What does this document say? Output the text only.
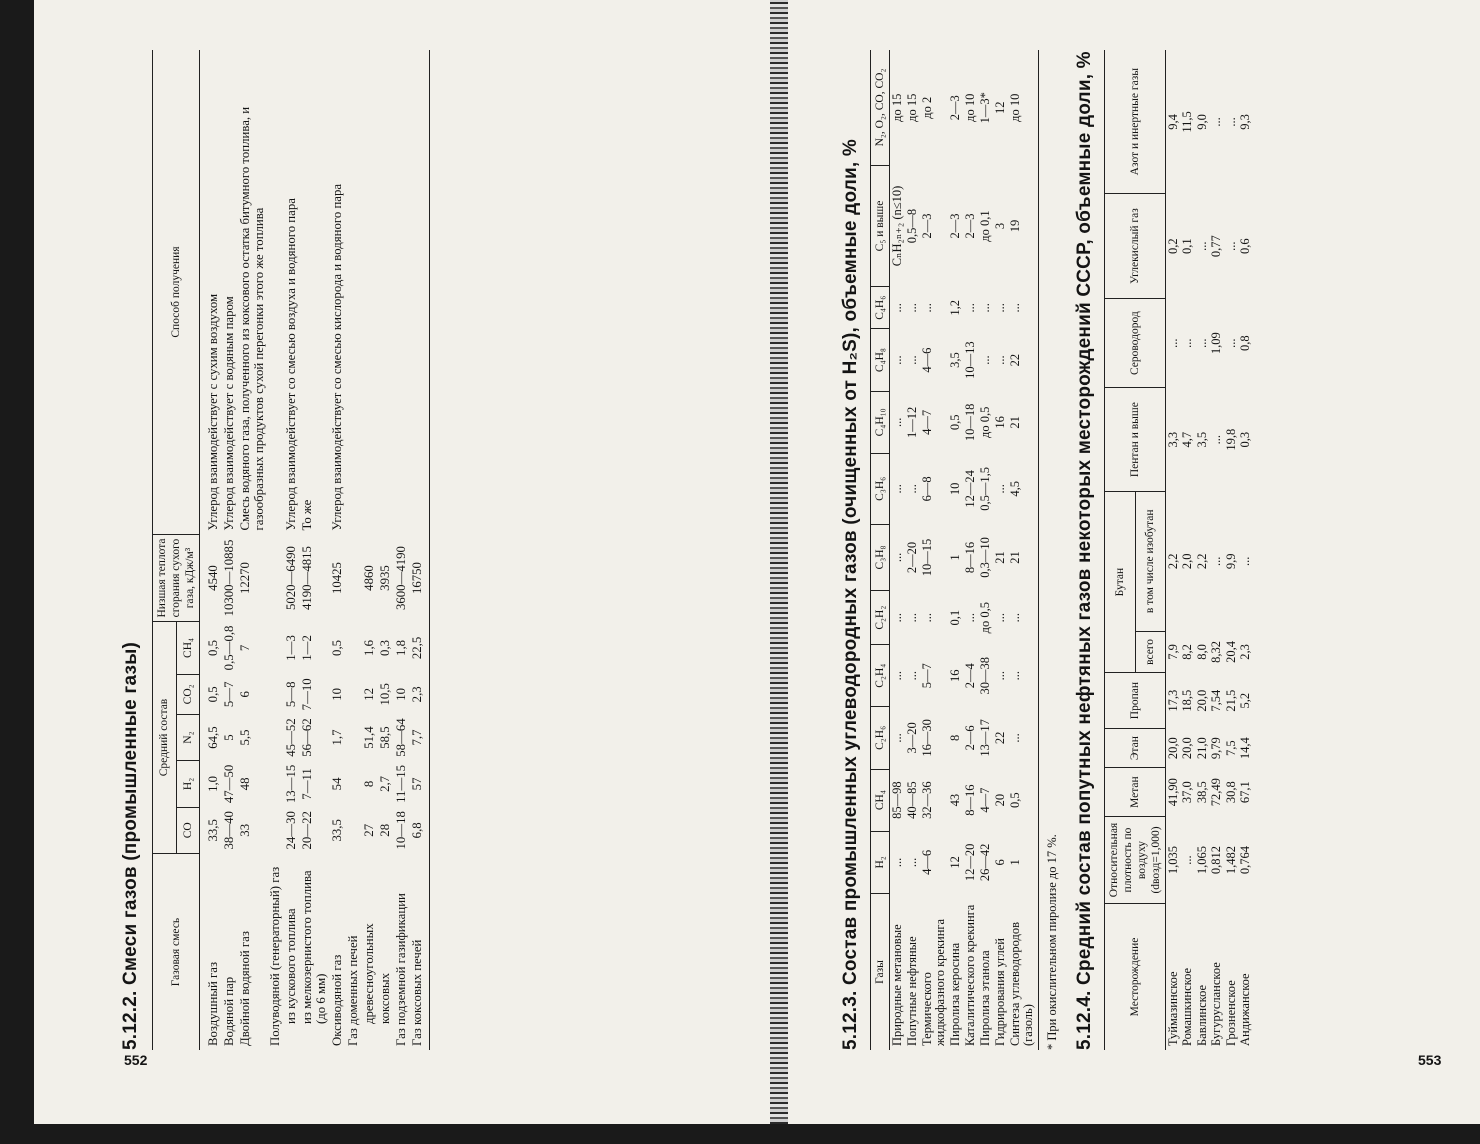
552	553
5.12.2. Смеси газов (промышленные газы)	Газовая смесь	Средний состав					Низшая теплота сгорания сухого газа, кДж/м³	Способ получения
	CO	H₂	N₂	CO₂	CH₄		
Воздушный газ	33,5	1,0	64,5	0,5	0,5	4540	Углерод взаимодействует с сухим воздухом
Водяной пар	38—40	47—50	5	5—7	0,5—0,8	10300—10885	Углерод взаимодействует с водяным паром
Двойной водяной газ	33	48	5,5	6	7	12270	Смесь водяного газа, полученного из коксового остатка битумного топлива, и газообразных продуктов сухой перегонки этого же топлива
Полуводяной (генераторный) газ							
из кускового топлива	24—30	13—15	45—52	5—8	1—3	5020—6490	Углерод взаимодействует со смесью воздуха и водяного пара
из мелкозернистого топлива (до 6 мм)	20—22	7—11	56—62	7—10	1—2	4190—4815	То же
Оксиводяной газ	33,5	54	1,7	10	0,5	10425	Углерод взаимодействует со смесью кислорода и водяного пара
Газ доменных печей							
древесноугольных	27	8	51,4	12	1,6	4860	
коксовых	28	2,7	58,5	10,5	0,3	3935	
Газ подземной газификации	10—18	11—15	58—64	10	1,8	3600—4190	
Газ коксовых печей	6,8	57	7,7	2,3	22,5	16750		5.12.3. Состав промышленных углеводородных газов (очищенных от H₂S), объемные доли, % Газы	H₂	CH₄	C₂H₆	C₂H₄	C₂H₂	C₃H₈	C₃H₆	C₄H₁₀	C₄H₈	C₄H₆	C₅ и выше	N₂, O₂, CO, CO₂
Природные метановые	...	85—98	...	...	...	...	...	...	...	...	CₙH₂ₙ₊₂ (n≤10)	до 15
Попутные нефтяные	...	40—85	3—20	...	...	2—20	...	1—12	...	...	0,5—8	до 15
Термического жидкофазного крекинга	4—6	32—36	16—30	5—7	...	10—15	6—8	4—7	4—6	...	2—3	до 2
Пиролиза керосина	12	43	8	16	0,1	1	10	0,5	3,5	1,2	2—3	2—3
Каталитического крекинга	12—20	8—16	2—6	2—4	...	8—16	12—24	10—18	10—13	...	2—3	до 10
Пиролиза этанола	26—42	4—7	13—17	30—38	до 0,5	0,3—10	0,5—1,5	до 0,5	...	...	до 0,1	1—3*
Гидрирования углей	6	20	22	...	...	21	...	16	...	...	3	12
Синтеза углеводородов (газоль)	1	0,5	...	...	...	21	4,5	21	22	...	19	до 10
* При окислительном пиролизе до 17 %. 5.12.4. Средний состав попутных нефтяных газов некоторых месторождений СССР, объемные доли, %	Месторождение	Относительная плотность по воздуху (dвозд=1,000)	Метан	Этан	Пропан	Бутан		Пентан и выше	Сероводород	Углекислый газ	Азот и инертные газы
					всего	в том числе изобутан				
Туймазинское	1,035	41,90	20,0	17,3	7,9	2,2	3,3	...	0,2	9,4
Ромашкинское	...	37,0	20,0	18,5	8,2	2,0	4,7	...	0,1	11,5
Бавлинское	1,065	38,5	21,0	20,0	8,0	2,2	3,5	...	...	9,0
Бугурусланское	0,812	72,49	9,79	7,54	8,32	...	...	1,09	0,77	...
Грозненское	1,482	30,8	7,5	21,5	20,4	9,9	19,8	...	...	...
Андижанское	0,764	67,1	14,4	5,2	2,3	...	0,3	0,8	0,6	9,3
